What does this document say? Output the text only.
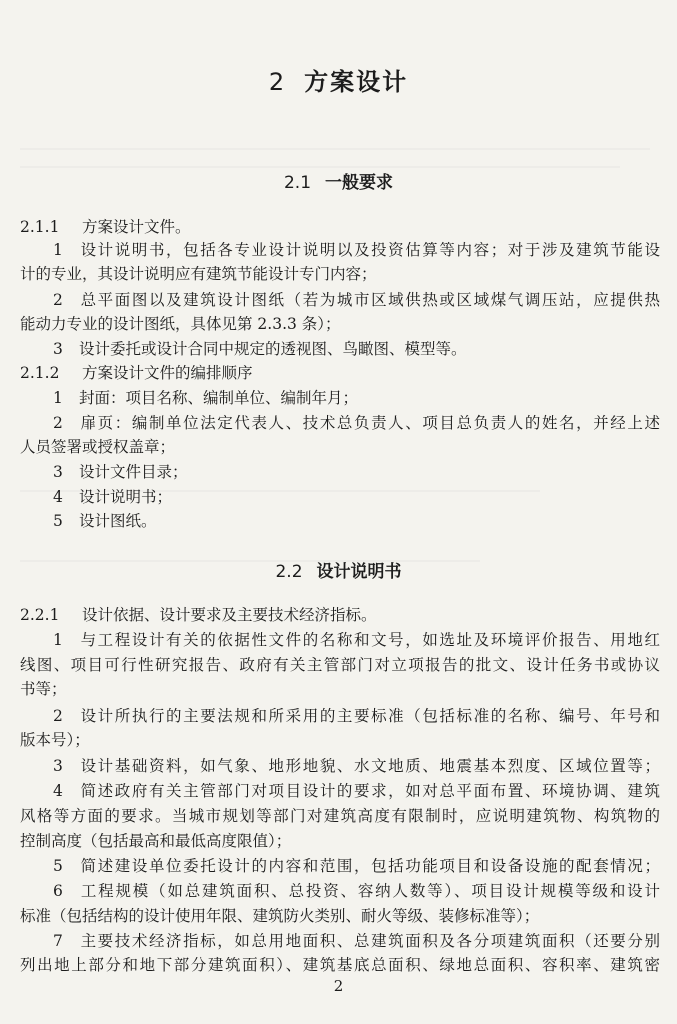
2 方案设计
2.1 一般要求
2.1.1 方案设计文件。
1 设计说明书，包括各专业设计说明以及投资估算等内容；对于涉及建筑节能设
计的专业，其设计说明应有建筑节能设计专门内容；
2 总平面图以及建筑设计图纸（若为城市区域供热或区域煤气调压站，应提供热
能动力专业的设计图纸，具体见第 2.3.3 条）；
3 设计委托或设计合同中规定的透视图、鸟瞰图、模型等。
2.1.2 方案设计文件的编排顺序
1 封面：项目名称、编制单位、编制年月；
2 扉页：编制单位法定代表人、技术总负责人、项目总负责人的姓名，并经上述
人员签署或授权盖章；
3 设计文件目录；
4 设计说明书；
5 设计图纸。
2.2 设计说明书
2.2.1 设计依据、设计要求及主要技术经济指标。
1 与工程设计有关的依据性文件的名称和文号，如选址及环境评价报告、用地红
线图、项目可行性研究报告、政府有关主管部门对立项报告的批文、设计任务书或协议
书等；
2 设计所执行的主要法规和所采用的主要标准（包括标准的名称、编号、年号和
版本号）；
3 设计基础资料，如气象、地形地貌、水文地质、地震基本烈度、区域位置等；
4 简述政府有关主管部门对项目设计的要求，如对总平面布置、环境协调、建筑
风格等方面的要求。当城市规划等部门对建筑高度有限制时，应说明建筑物、构筑物的
控制高度（包括最高和最低高度限值）；
5 简述建设单位委托设计的内容和范围，包括功能项目和设备设施的配套情况；
6 工程规模（如总建筑面积、总投资、容纳人数等）、项目设计规模等级和设计
标准（包括结构的设计使用年限、建筑防火类别、耐火等级、装修标准等）；
7 主要技术经济指标，如总用地面积、总建筑面积及各分项建筑面积（还要分别
列出地上部分和地下部分建筑面积）、建筑基底总面积、绿地总面积、容积率、建筑密
2
